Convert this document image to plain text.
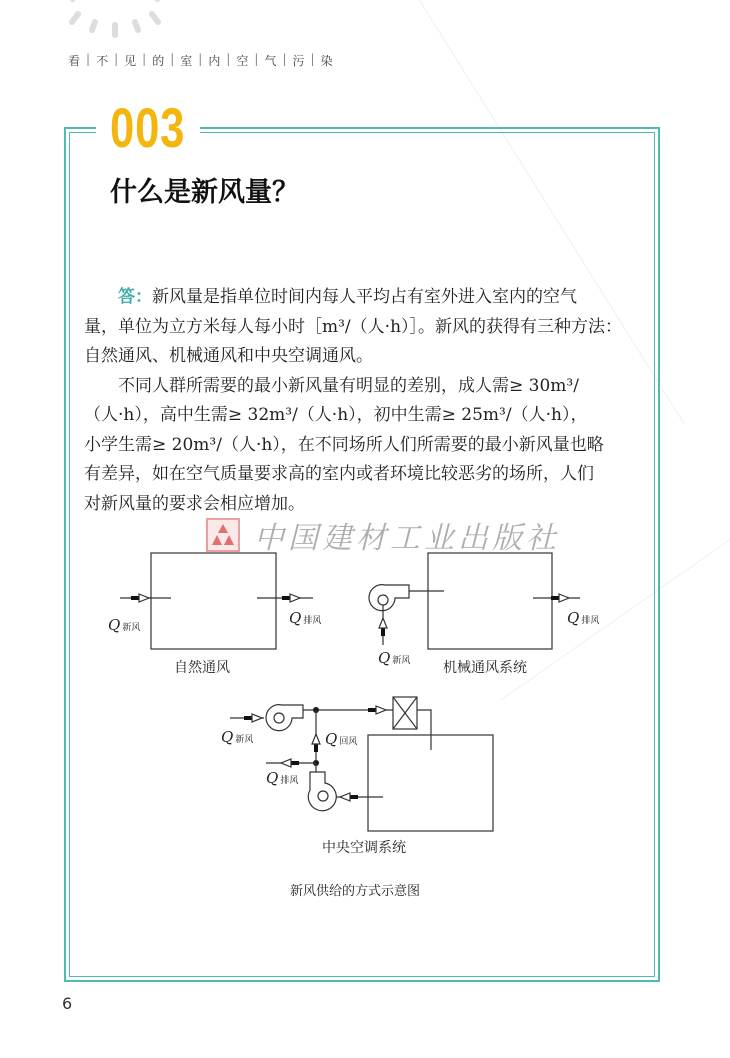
看 | 不 | 见 | 的 | 室 | 内 | 空 | 气 | 污 | 染
003
什么是新风量？
答：新风量是指单位时间内每人平均占有室外进入室内的空气
量，单位为立方米每人每小时［m³/（人·h）］。新风的获得有三种方法：
自然通风、机械通风和中央空调通风。
不同人群所需要的最小新风量有明显的差别，成人需≥ 30m³/
（人·h），高中生需≥ 32m³/（人·h），初中生需≥ 25m³/（人·h），
小学生需≥ 20m³/（人·h），在不同场所人们所需要的最小新风量也略
有差异，如在空气质量要求高的室内或者环境比较恶劣的场所，人们
对新风量的要求会相应增加。
中国建材工业出版社
Q新风
Q排风
Q新风
Q排风
Q新风	Q回风
Q排风
自然通风	机械通风系统
中央空调系统
新风供给的方式示意图
6
